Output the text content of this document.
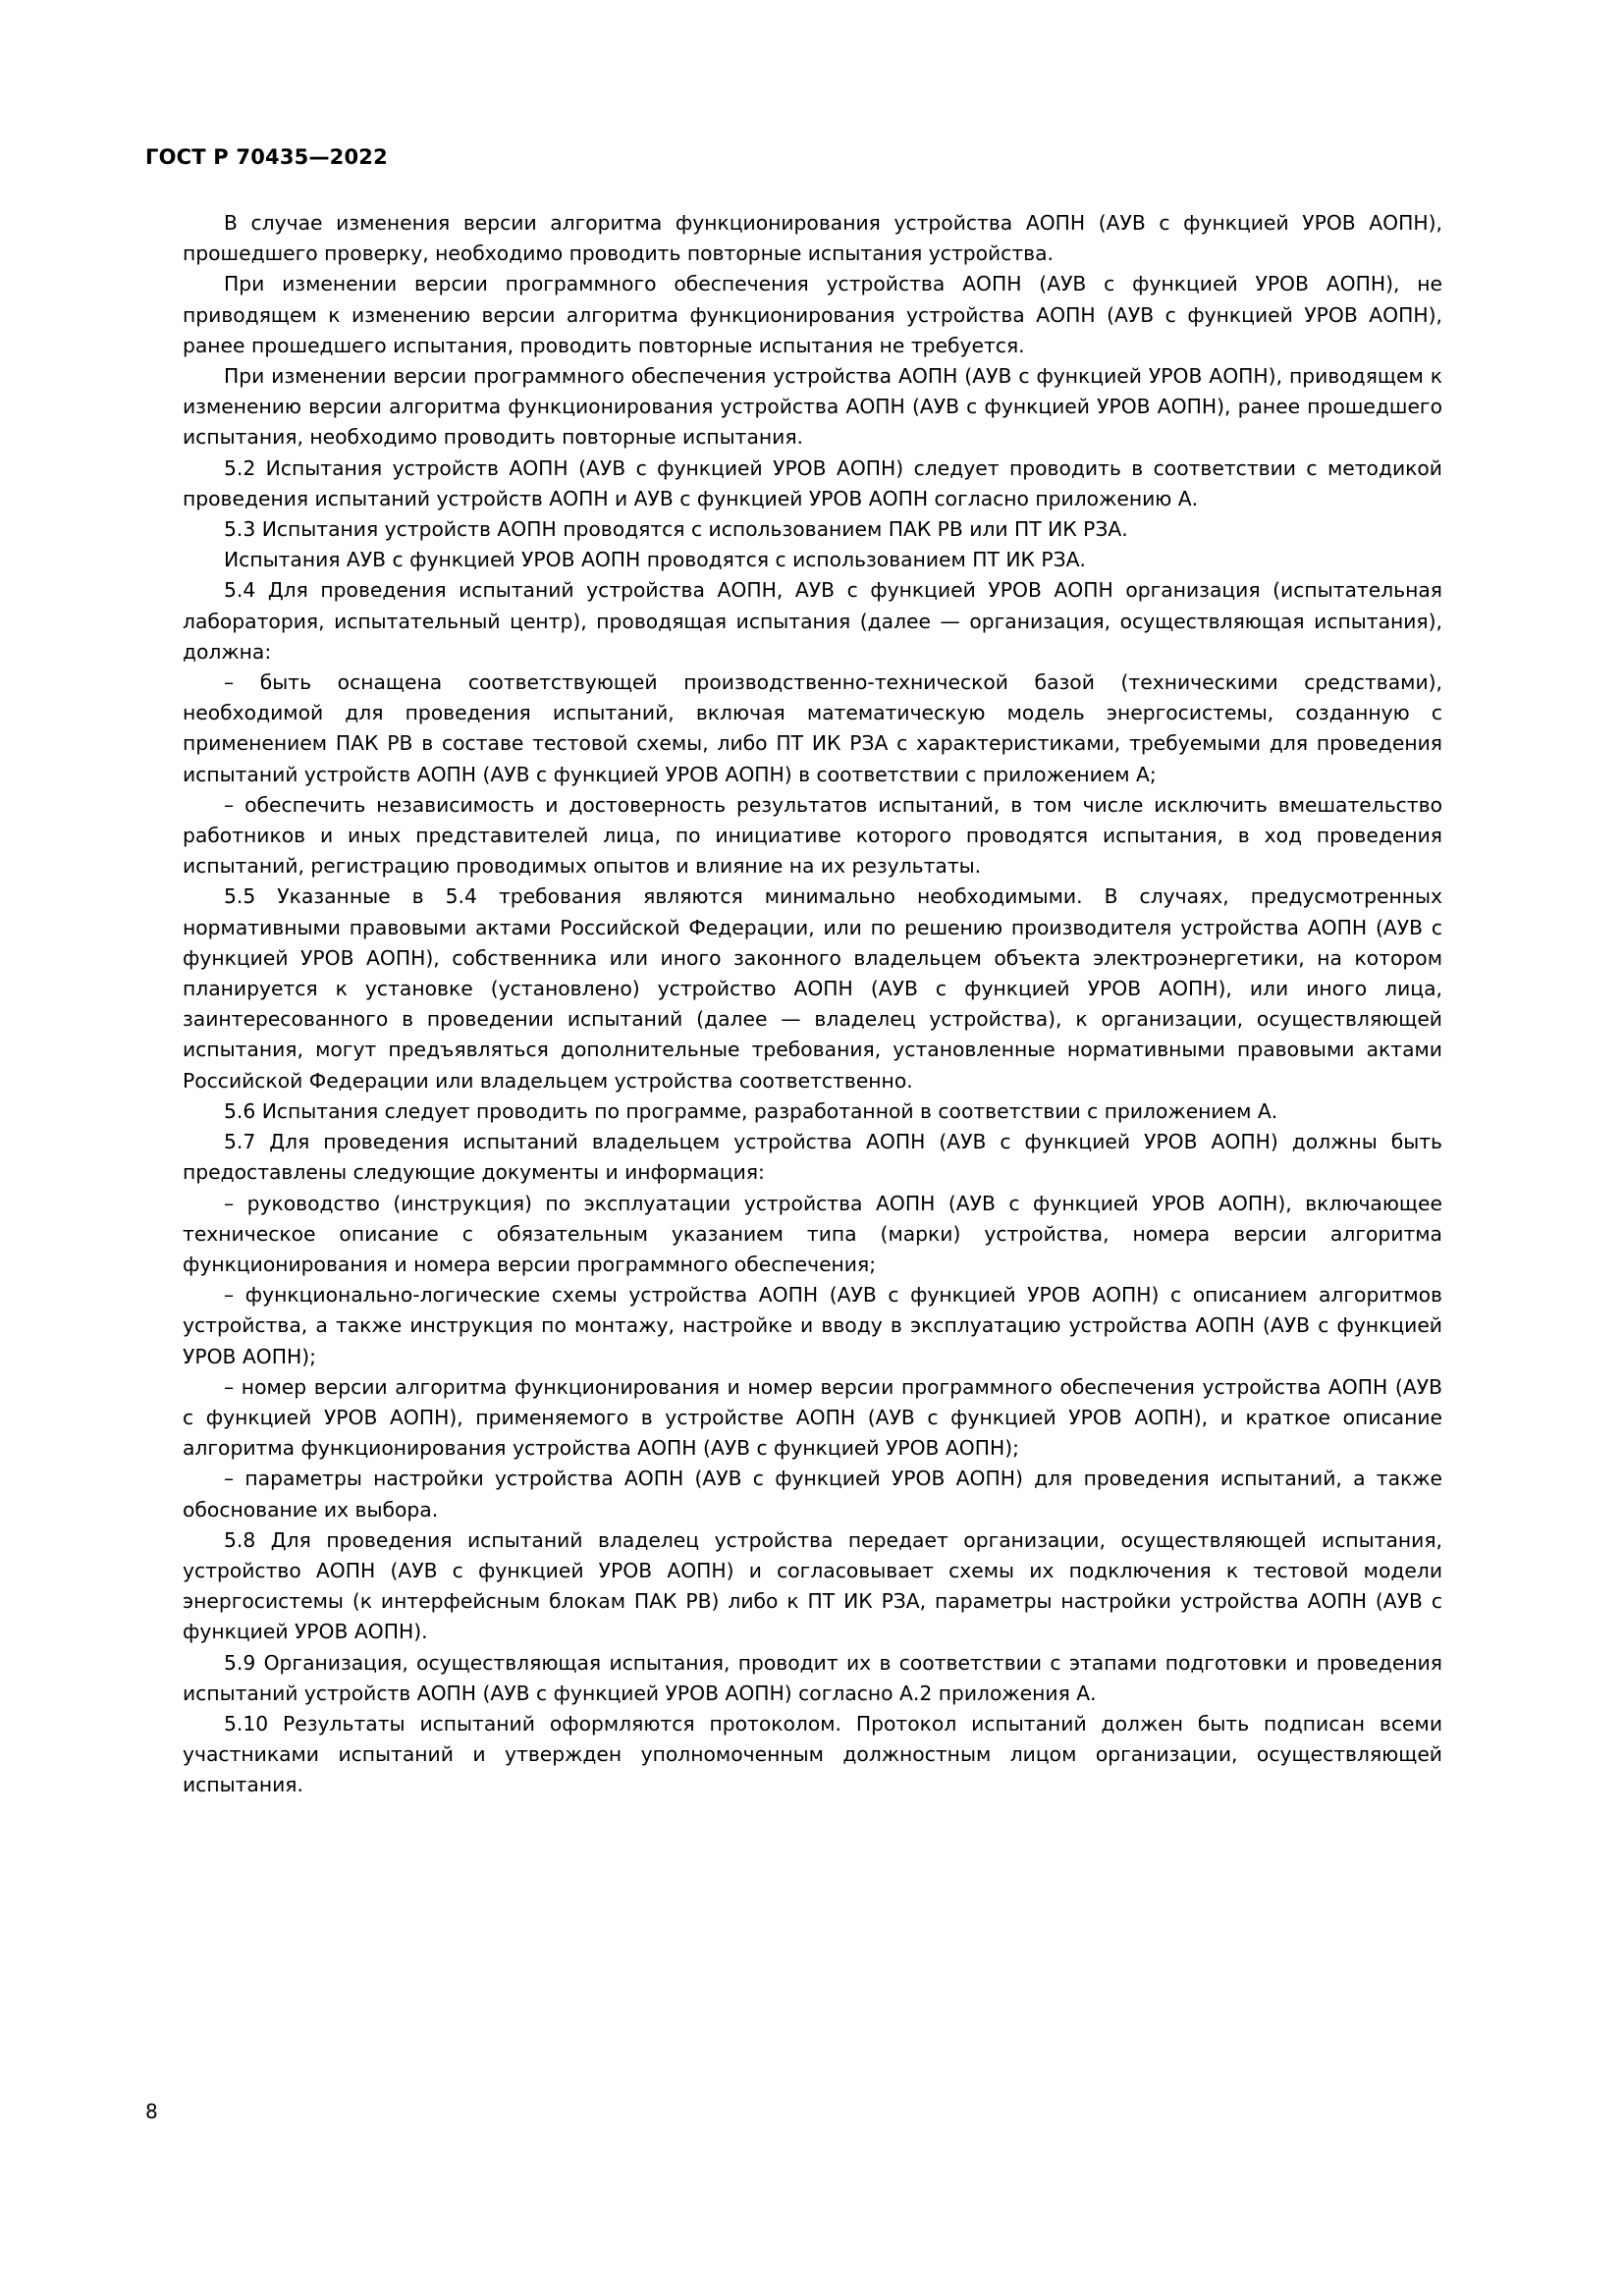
ГОСТ Р 70435—2022

В случае изменения версии алгоритма функционирования устройства АОПН (АУВ с функцией УРОВ АОПН), прошедшего проверку, необходимо проводить повторные испытания устройства.

При изменении версии программного обеспечения устройства АОПН (АУВ с функцией УРОВ АОПН), не приводящем к изменению версии алгоритма функционирования устройства АОПН (АУВ с функцией УРОВ АОПН), ранее прошедшего испытания, проводить повторные испытания не требуется.

При изменении версии программного обеспечения устройства АОПН (АУВ с функцией УРОВ АОПН), приводящем к изменению версии алгоритма функционирования устройства АОПН (АУВ с функцией УРОВ АОПН), ранее прошедшего испытания, необходимо проводить повторные испытания.

5.2 Испытания устройств АОПН (АУВ с функцией УРОВ АОПН) следует проводить в соответствии с методикой проведения испытаний устройств АОПН и АУВ с функцией УРОВ АОПН согласно приложению А.

5.3 Испытания устройств АОПН проводятся с использованием ПАК РВ или ПТ ИК РЗА.

Испытания АУВ с функцией УРОВ АОПН проводятся с использованием ПТ ИК РЗА.

5.4 Для проведения испытаний устройства АОПН, АУВ с функцией УРОВ АОПН организация (испытательная лаборатория, испытательный центр), проводящая испытания (далее — организация, осуществляющая испытания), должна:

– быть оснащена соответствующей производственно-технической базой (техническими средствами), необходимой для проведения испытаний, включая математическую модель энергосистемы, созданную с применением ПАК РВ в составе тестовой схемы, либо ПТ ИК РЗА с характеристиками, требуемыми для проведения испытаний устройств АОПН (АУВ с функцией УРОВ АОПН) в соответствии с приложением А;

– обеспечить независимость и достоверность результатов испытаний, в том числе исключить вмешательство работников и иных представителей лица, по инициативе которого проводятся испытания, в ход проведения испытаний, регистрацию проводимых опытов и влияние на их результаты.

5.5 Указанные в 5.4 требования являются минимально необходимыми. В случаях, предусмотренных нормативными правовыми актами Российской Федерации, или по решению производителя устройства АОПН (АУВ с функцией УРОВ АОПН), собственника или иного законного владельцем объекта электроэнергетики, на котором планируется к установке (установлено) устройство АОПН (АУВ с функцией УРОВ АОПН), или иного лица, заинтересованного в проведении испытаний (далее — владелец устройства), к организации, осуществляющей испытания, могут предъявляться дополнительные требования, установленные нормативными правовыми актами Российской Федерации или владельцем устройства соответственно.

5.6 Испытания следует проводить по программе, разработанной в соответствии с приложением А.

5.7 Для проведения испытаний владельцем устройства АОПН (АУВ с функцией УРОВ АОПН) должны быть предоставлены следующие документы и информация:

– руководство (инструкция) по эксплуатации устройства АОПН (АУВ с функцией УРОВ АОПН), включающее техническое описание с обязательным указанием типа (марки) устройства, номера версии алгоритма функционирования и номера версии программного обеспечения;

– функционально-логические схемы устройства АОПН (АУВ с функцией УРОВ АОПН) с описанием алгоритмов устройства, а также инструкция по монтажу, настройке и вводу в эксплуатацию устройства АОПН (АУВ с функцией УРОВ АОПН);

– номер версии алгоритма функционирования и номер версии программного обеспечения устройства АОПН (АУВ с функцией УРОВ АОПН), применяемого в устройстве АОПН (АУВ с функцией УРОВ АОПН), и краткое описание алгоритма функционирования устройства АОПН (АУВ с функцией УРОВ АОПН);

– параметры настройки устройства АОПН (АУВ с функцией УРОВ АОПН) для проведения испытаний, а также обоснование их выбора.

5.8 Для проведения испытаний владелец устройства передает организации, осуществляющей испытания, устройство АОПН (АУВ с функцией УРОВ АОПН) и согласовывает схемы их подключения к тестовой модели энергосистемы (к интерфейсным блокам ПАК РВ) либо к ПТ ИК РЗА, параметры настройки устройства АОПН (АУВ с функцией УРОВ АОПН).

5.9 Организация, осуществляющая испытания, проводит их в соответствии с этапами подготовки и проведения испытаний устройств АОПН (АУВ с функцией УРОВ АОПН) согласно А.2 приложения А.

5.10 Результаты испытаний оформляются протоколом. Протокол испытаний должен быть подписан всеми участниками испытаний и утвержден уполномоченным должностным лицом организации, осуществляющей испытания.

8
